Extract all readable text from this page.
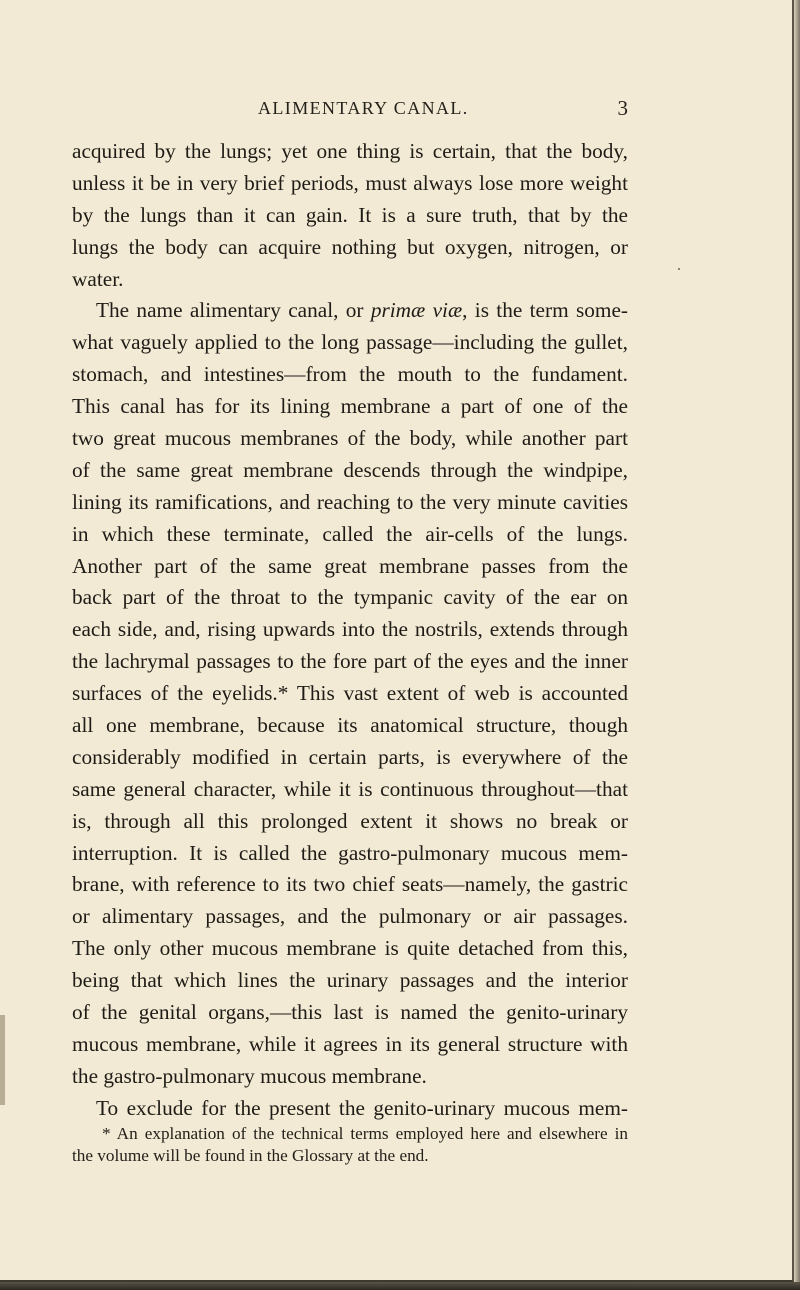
ALIMENTARY CANAL.	3
acquired by the lungs; yet one thing is certain, that the body,
unless it be in very brief periods, must always lose more weight
by the lungs than it can gain. It is a sure truth, that by the
lungs the body can acquire nothing but oxygen, nitrogen, or
water.
The name alimentary canal, or primæ viæ, is the term some-
what vaguely applied to the long passage—including the gullet,
stomach, and intestines—from the mouth to the fundament.
This canal has for its lining membrane a part of one of the
two great mucous membranes of the body, while another part
of the same great membrane descends through the windpipe,
lining its ramifications, and reaching to the very minute cavities
in which these terminate, called the air-cells of the lungs.
Another part of the same great membrane passes from the
back part of the throat to the tympanic cavity of the ear on
each side, and, rising upwards into the nostrils, extends through
the lachrymal passages to the fore part of the eyes and the inner
surfaces of the eyelids.* This vast extent of web is accounted
all one membrane, because its anatomical structure, though
considerably modified in certain parts, is everywhere of the
same general character, while it is continuous throughout—that
is, through all this prolonged extent it shows no break or
interruption. It is called the gastro-pulmonary mucous mem-
brane, with reference to its two chief seats—namely, the gastric
or alimentary passages, and the pulmonary or air passages.
The only other mucous membrane is quite detached from this,
being that which lines the urinary passages and the interior
of the genital organs,—this last is named the genito-urinary
mucous membrane, while it agrees in its general structure with
the gastro-pulmonary mucous membrane.
To exclude for the present the genito-urinary mucous mem-
* An explanation of the technical terms employed here and elsewhere in
the volume will be found in the Glossary at the end.
